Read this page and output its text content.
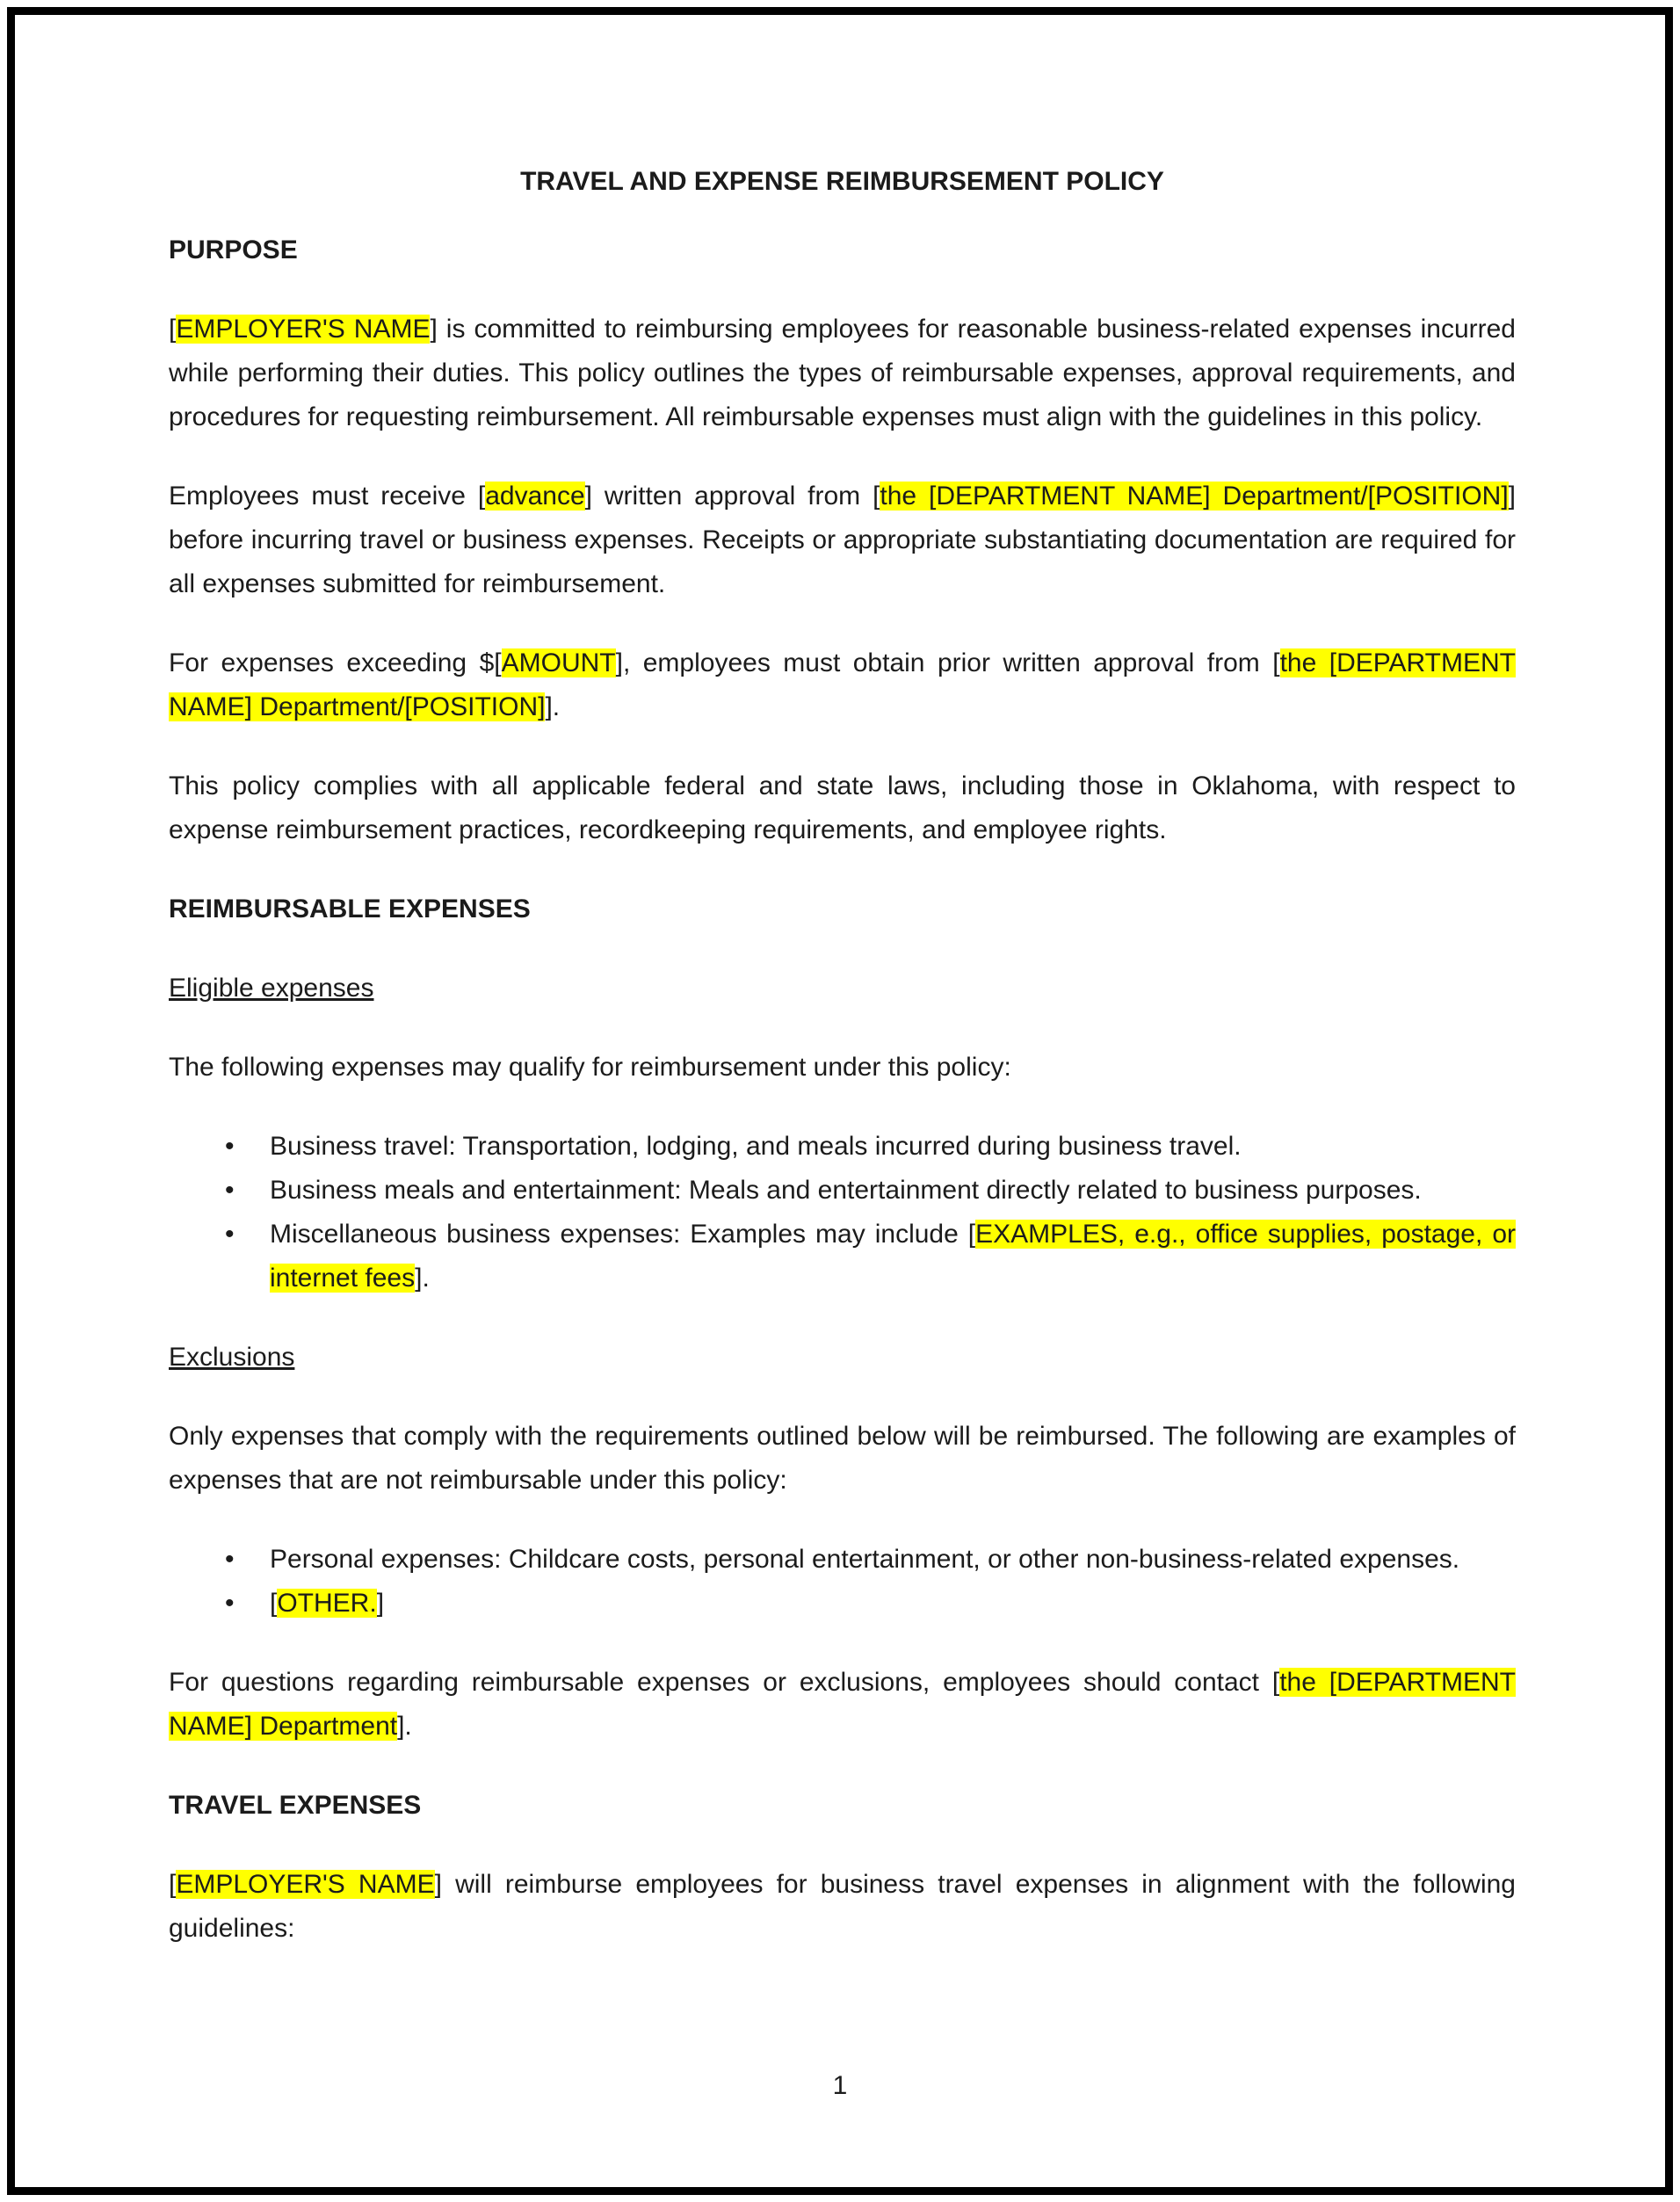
TRAVEL AND EXPENSE REIMBURSEMENT POLICY
PURPOSE

[EMPLOYER'S NAME] is committed to reimbursing employees for reasonable business-related expenses incurred while performing their duties. This policy outlines the types of reimbursable expenses, approval requirements, and procedures for requesting reimbursement. All reimbursable expenses must align with the guidelines in this policy.

Employees must receive [advance] written approval from [the [DEPARTMENT NAME] Department/[POSITION]] before incurring travel or business expenses. Receipts or appropriate substantiating documentation are required for all expenses submitted for reimbursement.

For expenses exceeding $[AMOUNT], employees must obtain prior written approval from [the [DEPARTMENT NAME] Department/[POSITION]].

This policy complies with all applicable federal and state laws, including those in Oklahoma, with respect to expense reimbursement practices, recordkeeping requirements, and employee rights.

REIMBURSABLE EXPENSES
Eligible expenses

The following expenses may qualify for reimbursement under this policy:

• Business travel: Transportation, lodging, and meals incurred during business travel.
• Business meals and entertainment: Meals and entertainment directly related to business purposes.
• Miscellaneous business expenses: Examples may include [EXAMPLES, e.g., office supplies, postage, or internet fees].
Exclusions

Only expenses that comply with the requirements outlined below will be reimbursed. The following are examples of expenses that are not reimbursable under this policy:

• Personal expenses: Childcare costs, personal entertainment, or other non-business-related expenses.
• [OTHER.]

For questions regarding reimbursable expenses or exclusions, employees should contact [the [DEPARTMENT NAME] Department].

TRAVEL EXPENSES

[EMPLOYER'S NAME] will reimburse employees for business travel expenses in alignment with the following guidelines:

1
